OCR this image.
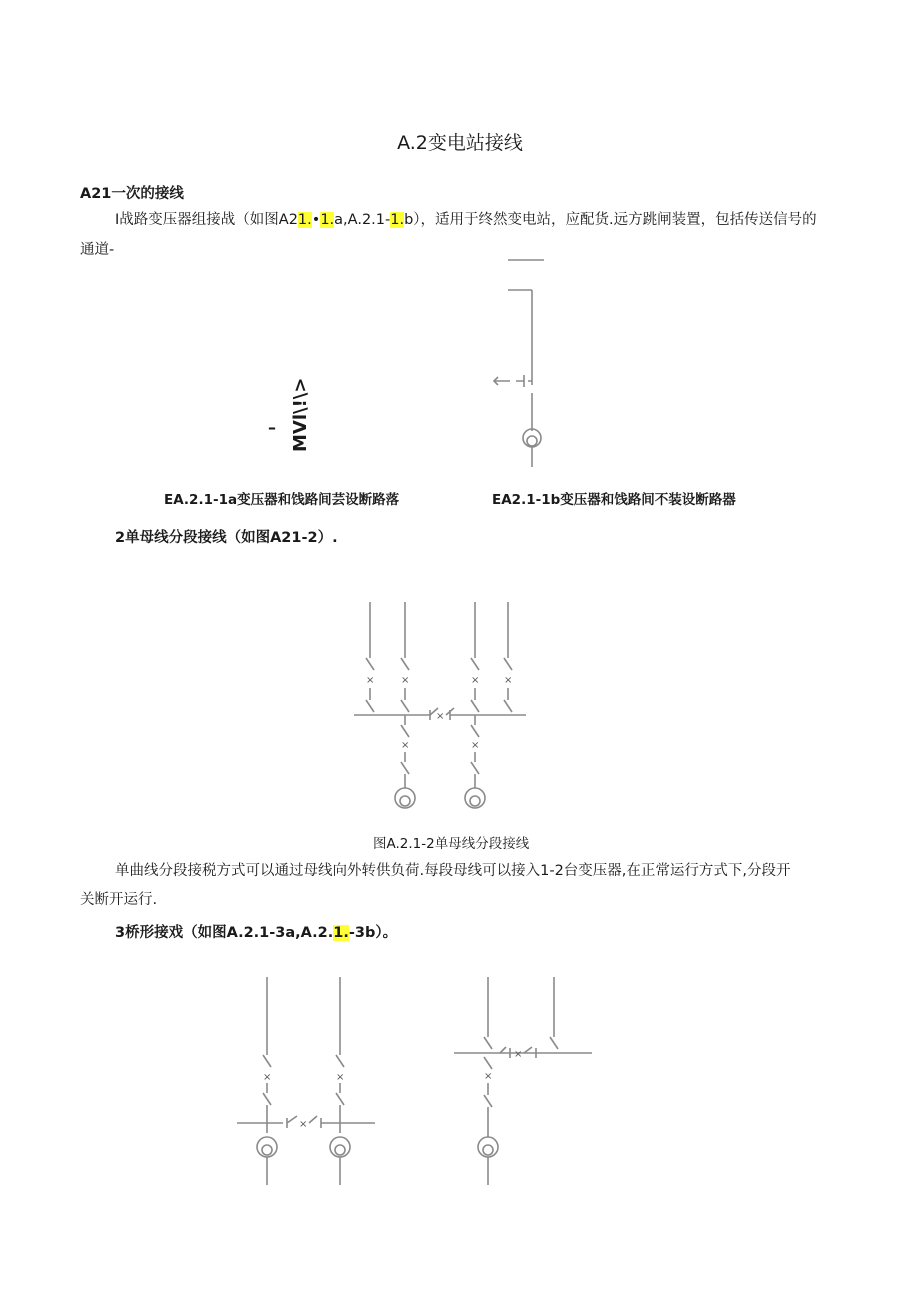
A.2变电站接线
A21一次的接线
I战路变压器组接战（如图A21.•1.a,A.2.1-1.b），适用于终然变电站，应配货.远方跳闸装置，包括传送信号的
通道-
– MVl\!\>
EA.2.1-1a变压器和饯路间芸设断路落	EA2.1-1b变压器和饯路间不装设断路器
2单母线分段接线（如图A21-2）.
×	×	× ×
×
×	×
图A.2.1-2单母线分段接线
单曲线分段接税方式可以通过母线向外转供负荷.每段母线可以接入1-2台变压器,在正常运行方式下,分段开
关断开运行.
3桥形接戏（如图A.2.1-3a,A.2.1.-3b）。
×	×
×
×
×
